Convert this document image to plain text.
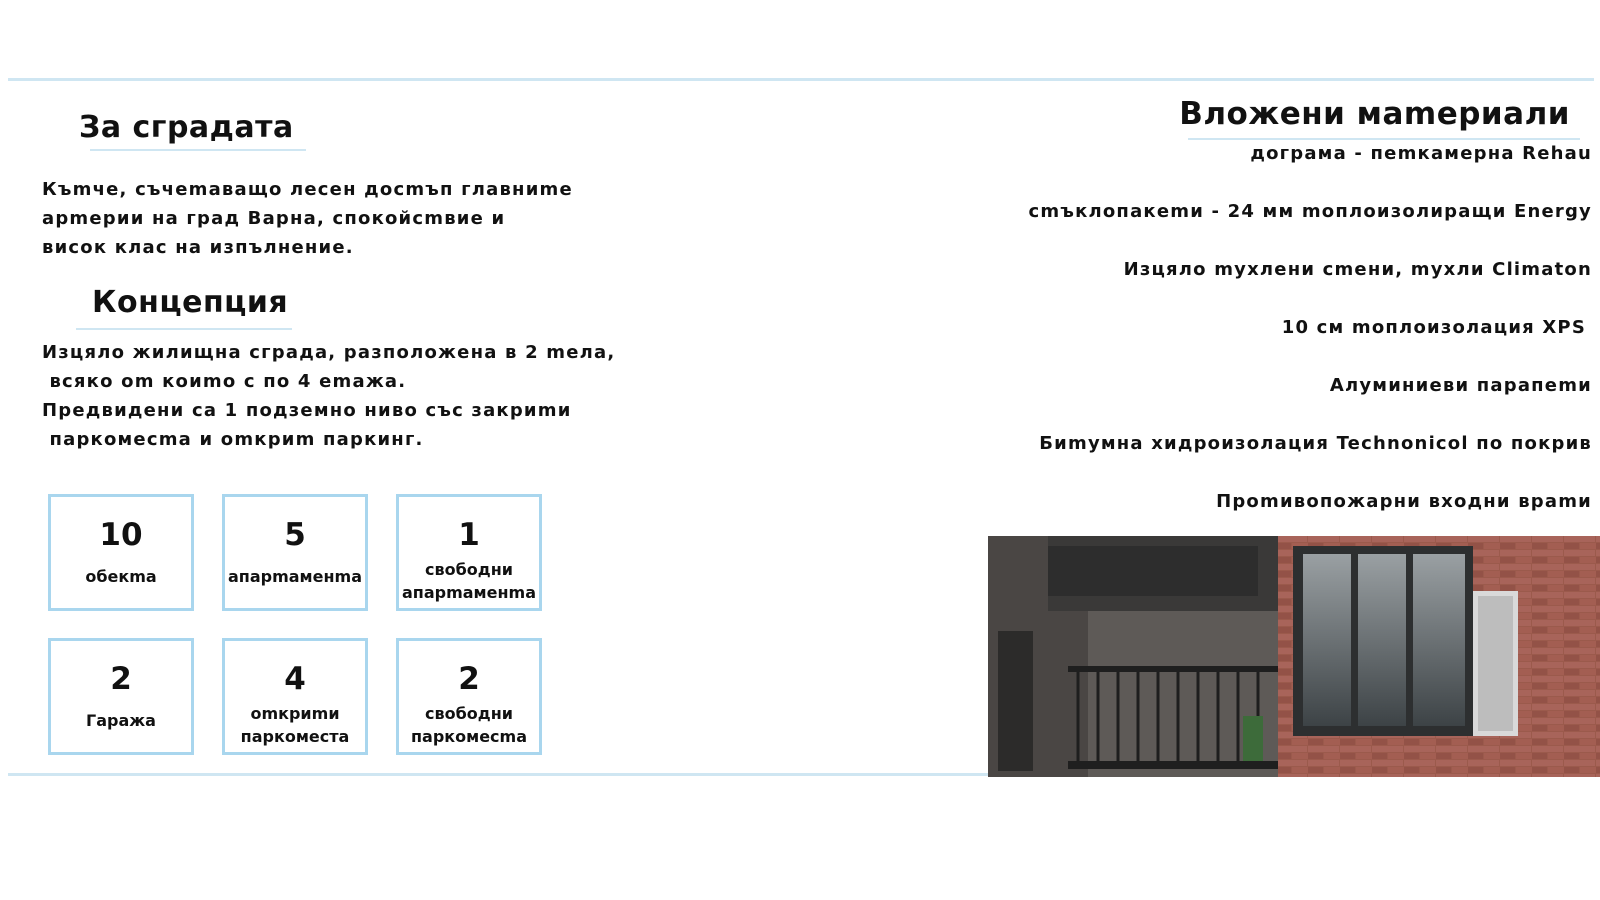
За сградата
Къmче, съчеmаващо лесен досmъп главниmе
арmерии на град Варна, спокойсmвие и
висок клас на изпълнение.
Концепция
Изцяло жилищна сграда, разположена в 2 mела,
всяко оm коиmо с по 4 еmажа.
Предвидени са 1 подземно ниво със закриmи
паркомесmа и оmкриm паркинг.
10
обекmа
5
апарmаменmа
1
свободни
апарmаменmа
2
Гаража
4
оmкриmи
паркоместа
2
свободни
паркомесmа
Вложени маmериали
дограма - пеmкамерна Rehau
сmъклопакеmи - 24 мм mоплоизолиращи Energy
Изцяло mухлени сmени, mухли Climaton
10 см mоплоизолация XPS
Алуминиеви парапеmи
Биmумна хидроизолация Technonicol по покрив
Проmивопожарни входни враmи
